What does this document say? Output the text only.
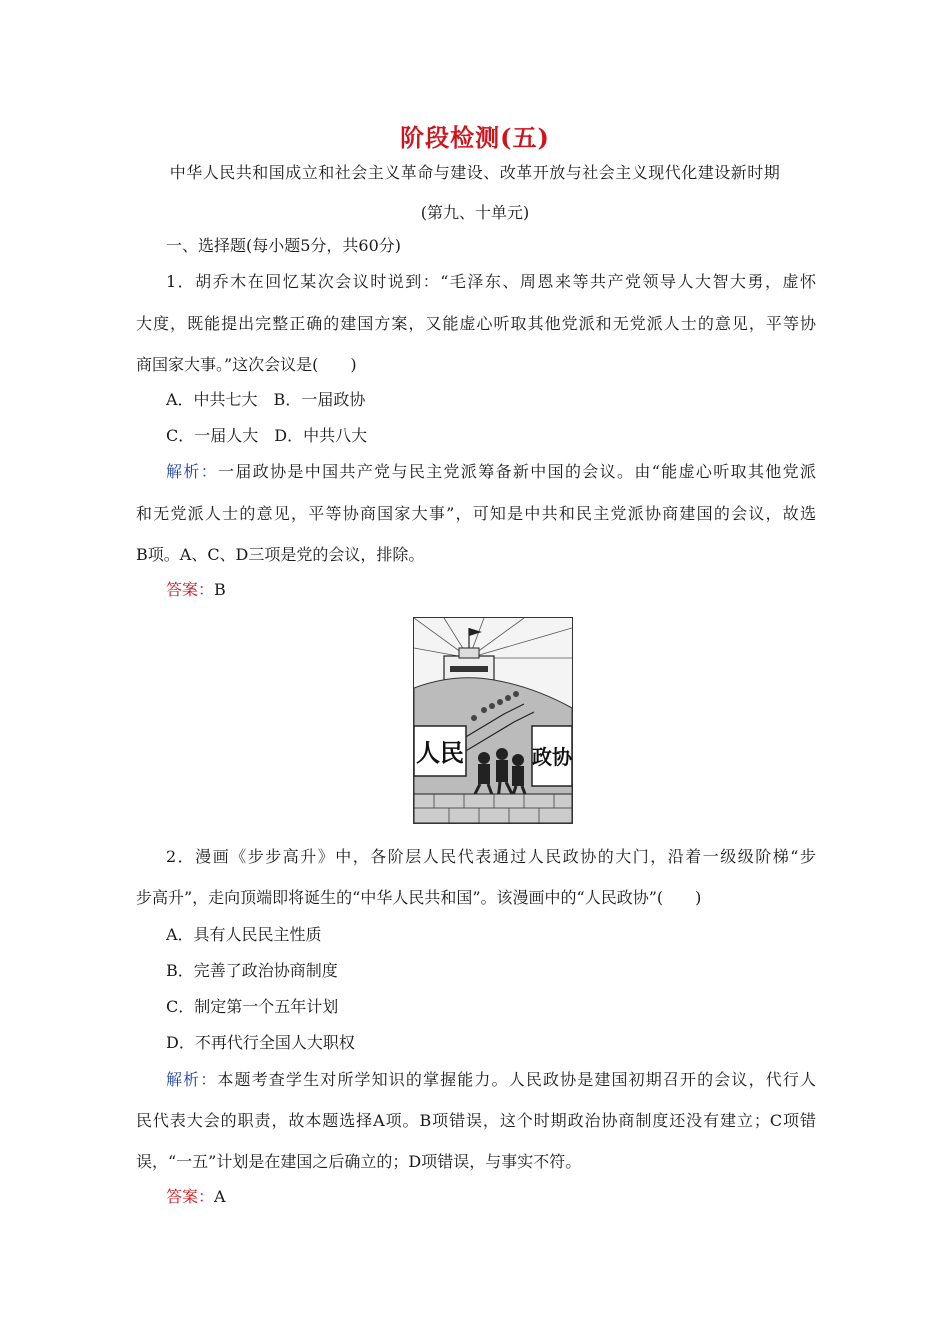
阶段检测(五)
中华人民共和国成立和社会主义革命与建设、改革开放与社会主义现代化建设新时期
(第九、十单元)
一、选择题(每小题5分，共60分)
1．胡乔木在回忆某次会议时说到：“毛泽东、周恩来等共产党领导人大智大勇，虚怀
大度，既能提出完整正确的建国方案，又能虚心听取其他党派和无党派人士的意见，平等协
商国家大事。”这次会议是(　　)
A．中共七大　B．一届政协
C．一届人大　D．中共八大
解析：一届政协是中国共产党与民主党派筹备新中国的会议。由“能虚心听取其他党派
和无党派人士的意见，平等协商国家大事”，可知是中共和民主党派协商建国的会议，故选
B项。A、C、D三项是党的会议，排除。
答案：B
人民	政协
2．漫画《步步高升》中，各阶层人民代表通过人民政协的大门，沿着一级级阶梯“步
步高升”，走向顶端即将诞生的“中华人民共和国”。该漫画中的“人民政协”(　　)
A．具有人民民主性质
B．完善了政治协商制度
C．制定第一个五年计划
D．不再代行全国人大职权
解析：本题考查学生对所学知识的掌握能力。人民政协是建国初期召开的会议，代行人
民代表大会的职责，故本题选择A项。B项错误，这个时期政治协商制度还没有建立；C项错
误，“一五”计划是在建国之后确立的；D项错误，与事实不符。
答案：A
